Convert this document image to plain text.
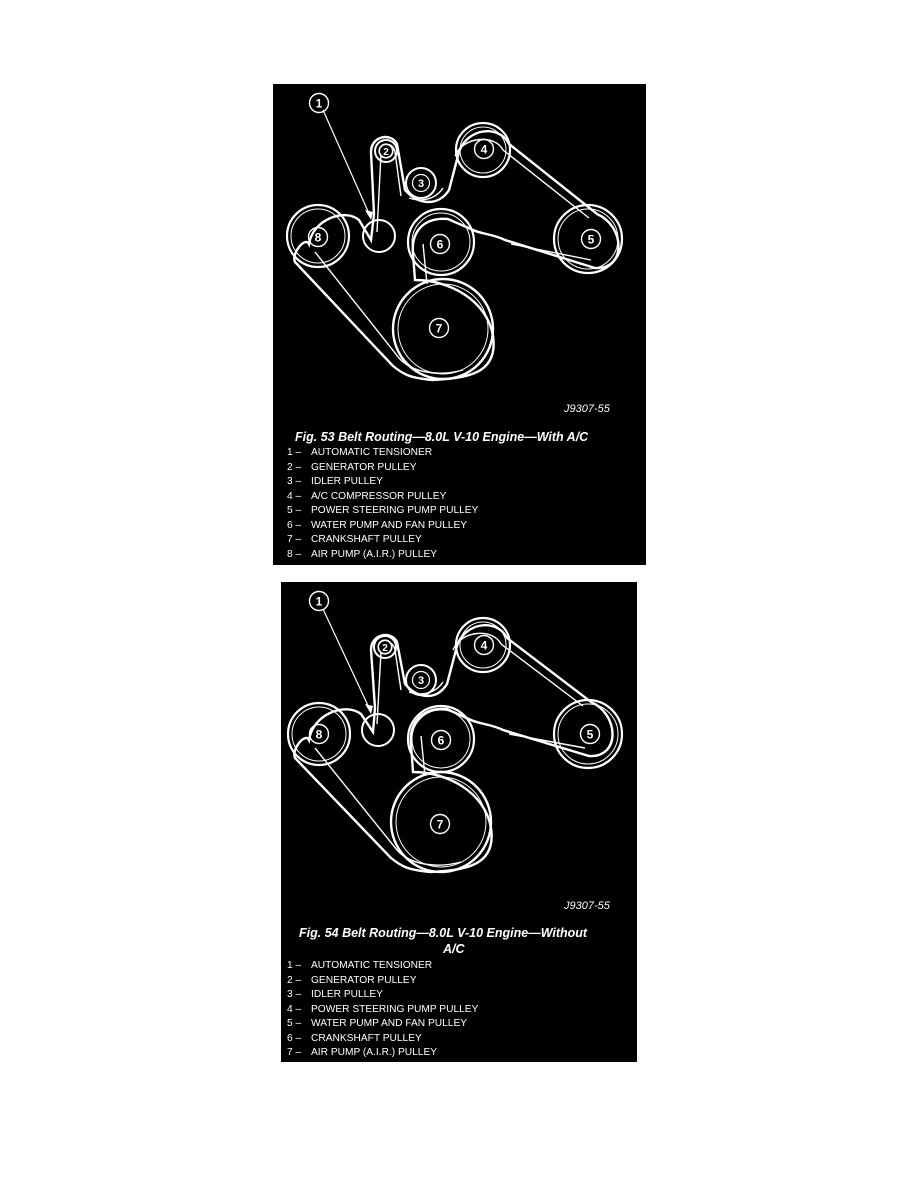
1
2
3
4
5
6
7
8
J9307-55
Fig. 53 Belt Routing—8.0L V-10 Engine—With A/C
1 – AUTOMATIC TENSIONER
2 – GENERATOR PULLEY
3 – IDLER PULLEY
4 – A/C COMPRESSOR PULLEY
5 – POWER STEERING PUMP PULLEY
6 – WATER PUMP AND FAN PULLEY
7 – CRANKSHAFT PULLEY
8 – AIR PUMP (A.I.R.) PULLEY
1
2
3
4
5
6
7
8
J9307-55
Fig. 54 Belt Routing—8.0L V-10 Engine—Without
A/C
1 – AUTOMATIC TENSIONER
2 – GENERATOR PULLEY
3 – IDLER PULLEY
4 – POWER STEERING PUMP PULLEY
5 – WATER PUMP AND FAN PULLEY
6 – CRANKSHAFT PULLEY
7 – AIR PUMP (A.I.R.) PULLEY
